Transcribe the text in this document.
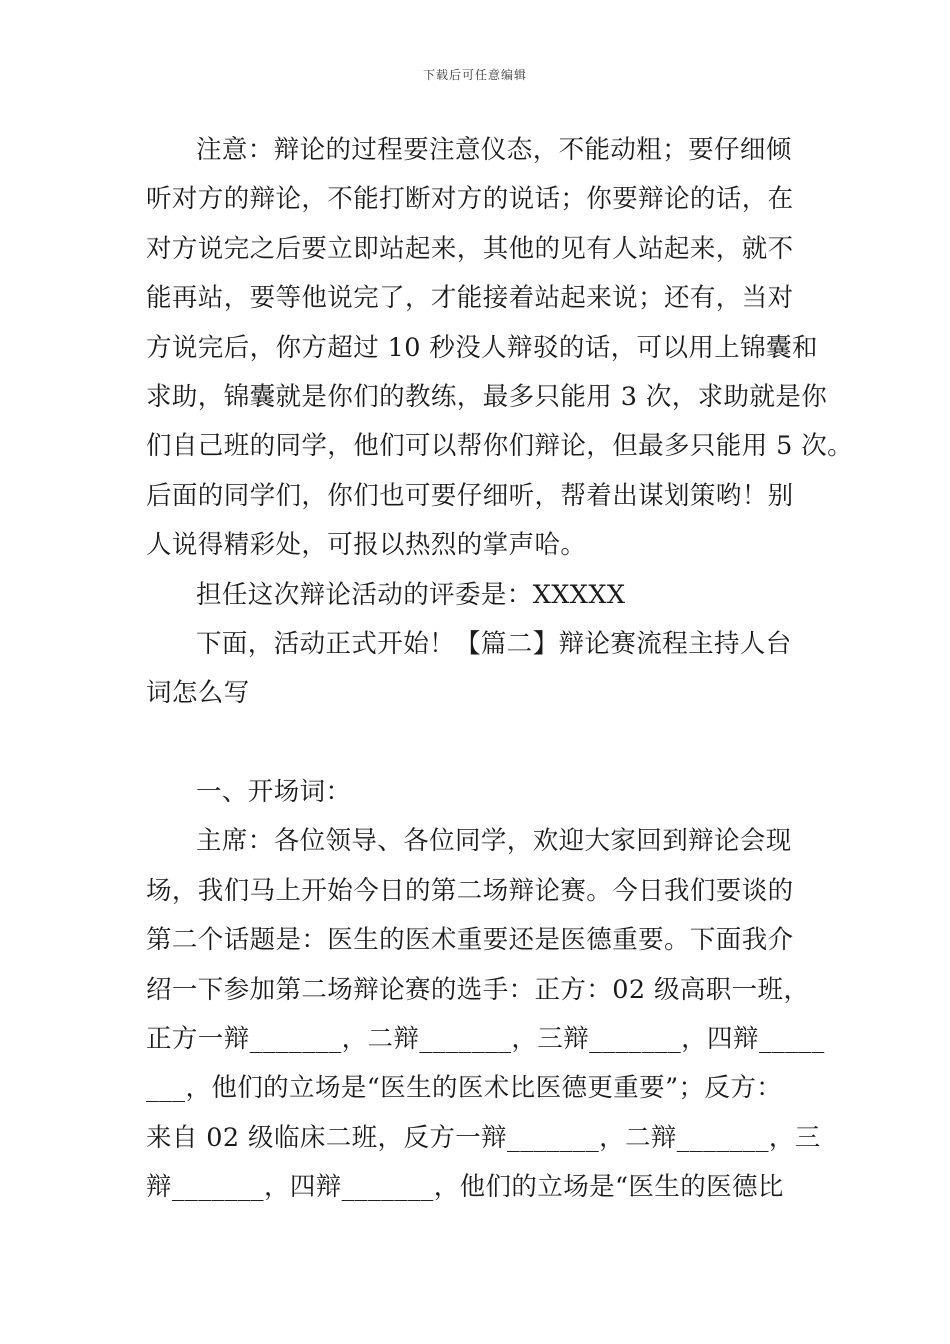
下载后可任意编辑
注意：辩论的过程要注意仪态，不能动粗；要仔细倾
听对方的辩论，不能打断对方的说话；你要辩论的话，在
对方说完之后要立即站起来，其他的见有人站起来，就不
能再站，要等他说完了，才能接着站起来说；还有，当对
方说完后，你方超过 10 秒没人辩驳的话，可以用上锦囊和
求助，锦囊就是你们的教练，最多只能用 3 次，求助就是你
们自己班的同学，他们可以帮你们辩论，但最多只能用 5 次。
后面的同学们，你们也可要仔细听，帮着出谋划策哟！别
人说得精彩处，可报以热烈的掌声哈。
担任这次辩论活动的评委是：XXXXX
下面，活动正式开始！【篇二】辩论赛流程主持人台
词怎么写
一、开场词：
主席：各位领导、各位同学，欢迎大家回到辩论会现
场，我们马上开始今日的第二场辩论赛。今日我们要谈的
第二个话题是：医生的医术重要还是医德重要。下面我介
绍一下参加第二场辩论赛的选手：正方：02 级高职一班，
正方一辩_______，二辩_______，三辩_______，四辩_____
___，他们的立场是“医生的医术比医德更重要”；反方：
来自 02 级临床二班，反方一辩_______，二辩_______，三
辩_______，四辩_______，他们的立场是“医生的医德比
